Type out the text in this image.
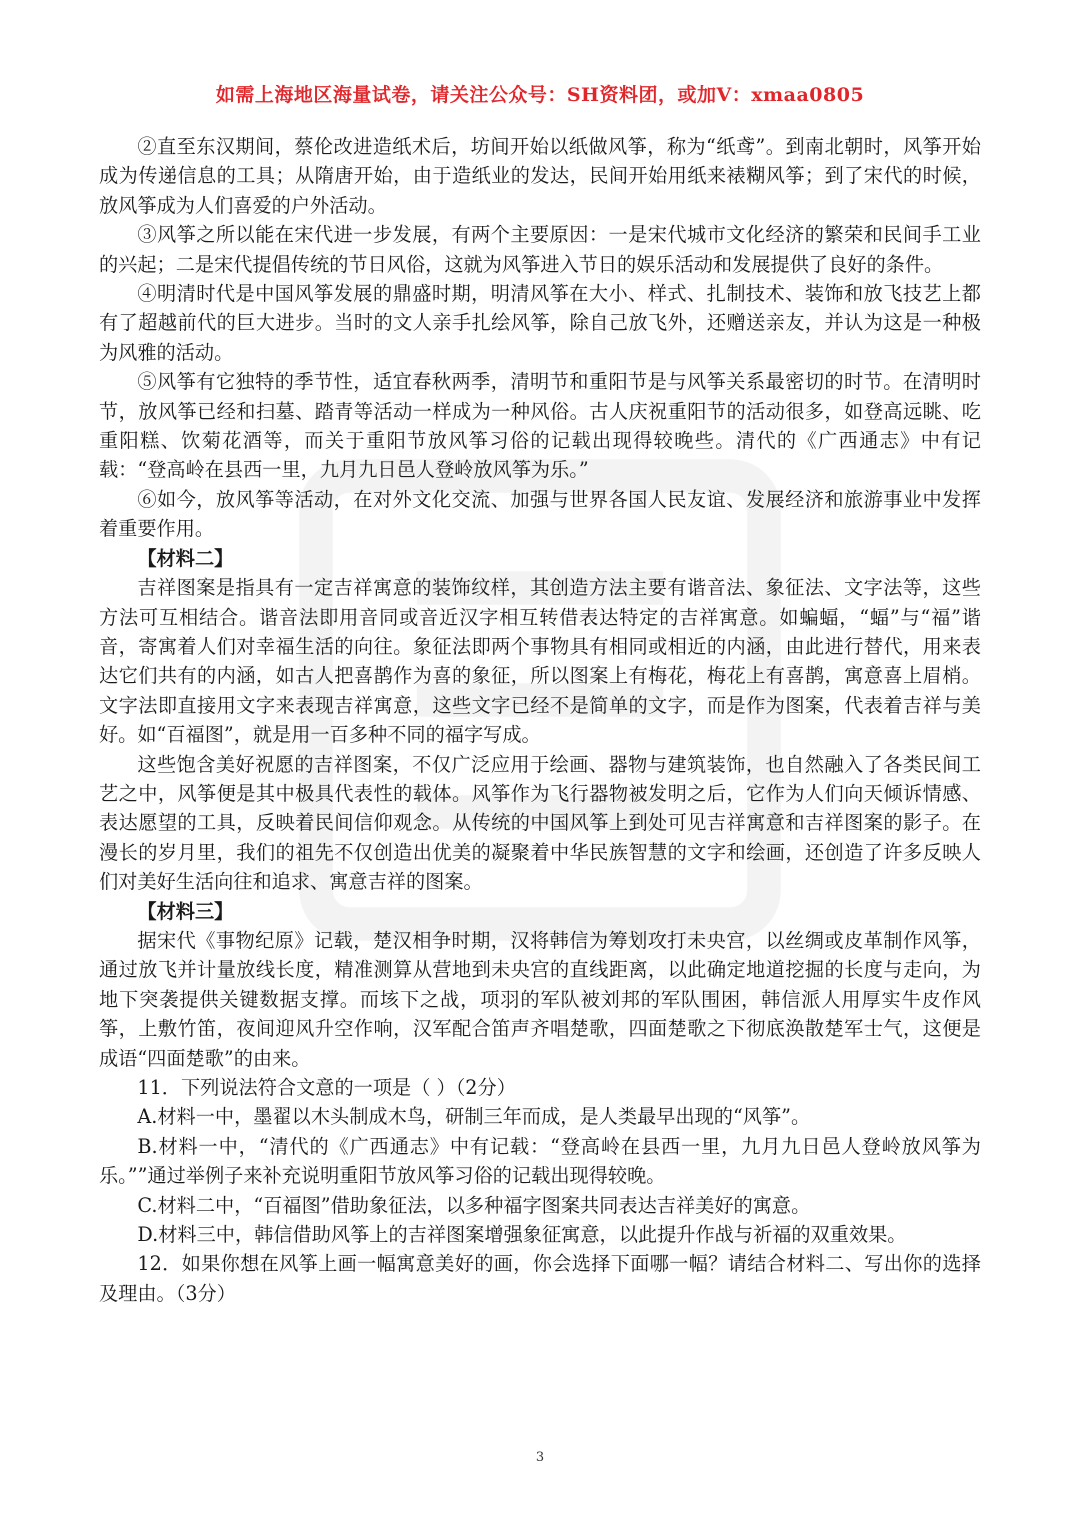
如需上海地区海量试卷，请关注公众号：SH资料团，或加V：xmaa0805

②直至东汉期间，蔡伦改进造纸术后，坊间开始以纸做风筝，称为“纸鸢”。到南北朝时，风筝开始成为传递信息的工具；从隋唐开始，由于造纸业的发达，民间开始用纸来裱糊风筝；到了宋代的时候，放风筝成为人们喜爱的户外活动。

③风筝之所以能在宋代进一步发展，有两个主要原因：一是宋代城市文化经济的繁荣和民间手工业的兴起；二是宋代提倡传统的节日风俗，这就为风筝进入节日的娱乐活动和发展提供了良好的条件。

④明清时代是中国风筝发展的鼎盛时期，明清风筝在大小、样式、扎制技术、装饰和放飞技艺上都有了超越前代的巨大进步。当时的文人亲手扎绘风筝，除自己放飞外，还赠送亲友，并认为这是一种极为风雅的活动。

⑤风筝有它独特的季节性，适宜春秋两季，清明节和重阳节是与风筝关系最密切的时节。在清明时节，放风筝已经和扫墓、踏青等活动一样成为一种风俗。古人庆祝重阳节的活动很多，如登高远眺、吃重阳糕、饮菊花酒等，而关于重阳节放风筝习俗的记载出现得较晚些。清代的《广西通志》中有记载：“登高岭在县西一里，九月九日邑人登岭放风筝为乐。”

⑥如今，放风筝等活动，在对外文化交流、加强与世界各国人民友谊、发展经济和旅游事业中发挥着重要作用。

【材料二】

吉祥图案是指具有一定吉祥寓意的装饰纹样，其创造方法主要有谐音法、象征法、文字法等，这些方法可互相结合。谐音法即用音同或音近汉字相互转借表达特定的吉祥寓意。如蝙蝠，“蝠”与“福”谐音，寄寓着人们对幸福生活的向往。象征法即两个事物具有相同或相近的内涵，由此进行替代，用来表达它们共有的内涵，如古人把喜鹊作为喜的象征，所以图案上有梅花，梅花上有喜鹊，寓意喜上眉梢。文字法即直接用文字来表现吉祥寓意，这些文字已经不是简单的文字，而是作为图案，代表着吉祥与美好。如“百福图”，就是用一百多种不同的福字写成。

这些饱含美好祝愿的吉祥图案，不仅广泛应用于绘画、器物与建筑装饰，也自然融入了各类民间工艺之中，风筝便是其中极具代表性的载体。风筝作为飞行器物被发明之后，它作为人们向天倾诉情感、表达愿望的工具，反映着民间信仰观念。从传统的中国风筝上到处可见吉祥寓意和吉祥图案的影子。在漫长的岁月里，我们的祖先不仅创造出优美的凝聚着中华民族智慧的文字和绘画，还创造了许多反映人们对美好生活向往和追求、寓意吉祥的图案。

【材料三】

据宋代《事物纪原》记载，楚汉相争时期，汉将韩信为筹划攻打未央宫，以丝绸或皮革制作风筝，通过放飞并计量放线长度，精准测算从营地到未央宫的直线距离，以此确定地道挖掘的长度与走向，为地下突袭提供关键数据支撑。而垓下之战，项羽的军队被刘邦的军队围困，韩信派人用厚实牛皮作风筝，上敷竹笛，夜间迎风升空作响，汉军配合笛声齐唱楚歌，四面楚歌之下彻底涣散楚军士气，这便是成语“四面楚歌”的由来。

11．下列说法符合文意的一项是（ ）（2分）

A.材料一中，墨翟以木头制成木鸟，研制三年而成，是人类最早出现的“风筝”。

B.材料一中，“清代的《广西通志》中有记载：“登高岭在县西一里，九月九日邑人登岭放风筝为乐。””通过举例子来补充说明重阳节放风筝习俗的记载出现得较晚。

C.材料二中，“百福图”借助象征法，以多种福字图案共同表达吉祥美好的寓意。

D.材料三中，韩信借助风筝上的吉祥图案增强象征寓意，以此提升作战与祈福的双重效果。

12．如果你想在风筝上画一幅寓意美好的画，你会选择下面哪一幅？请结合材料二、写出你的选择及理由。（3分）

3
